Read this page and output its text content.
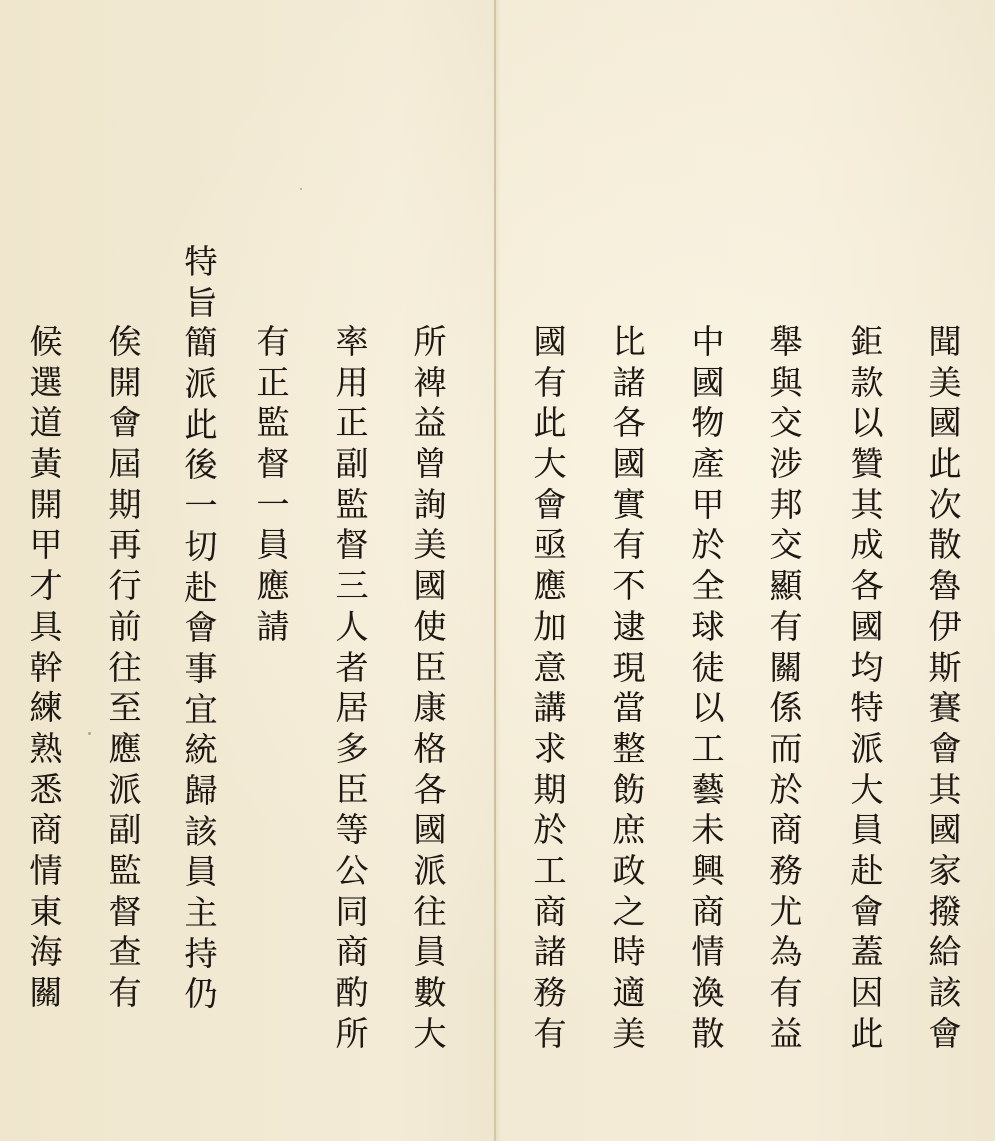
聞
美
國
此
次
散
魯
伊
斯
賽
會
其
國
家
撥
給
該
會
鉅
款
以
贊
其
成
各
國
均
特
派
大
員
赴
會
蓋
因
此
舉
與
交
涉
邦
交
顯
有
關
係
而
於
商
務
尤
為
有
益
中
國
物
產
甲
於
全
球
徒
以
工
藝
未
興
商
情
渙
散
比
諸
各
國
實
有
不
逮
現
當
整
飭
庶
政
之
時
適
美
國
有
此
大
會
亟
應
加
意
講
求
期
於
工
商
諸
務
有
所
裨
益
曾
詢
美
國
使
臣
康
格
各
國
派
往
員
數
大
率
用
正
副
監
督
三
人
者
居
多
臣
等
公
同
商
酌
所
有
正
監
督
一
員
應
請
特
旨
簡
派
此
後
一
切
赴
會
事
宜
統
歸
該
員
主
持
仍
俟
開
會
屆
期
再
行
前
往
至
應
派
副
監
督
查
有
候
選
道
黃
開
甲
才
具
幹
練
熟
悉
商
情
東
海
關
